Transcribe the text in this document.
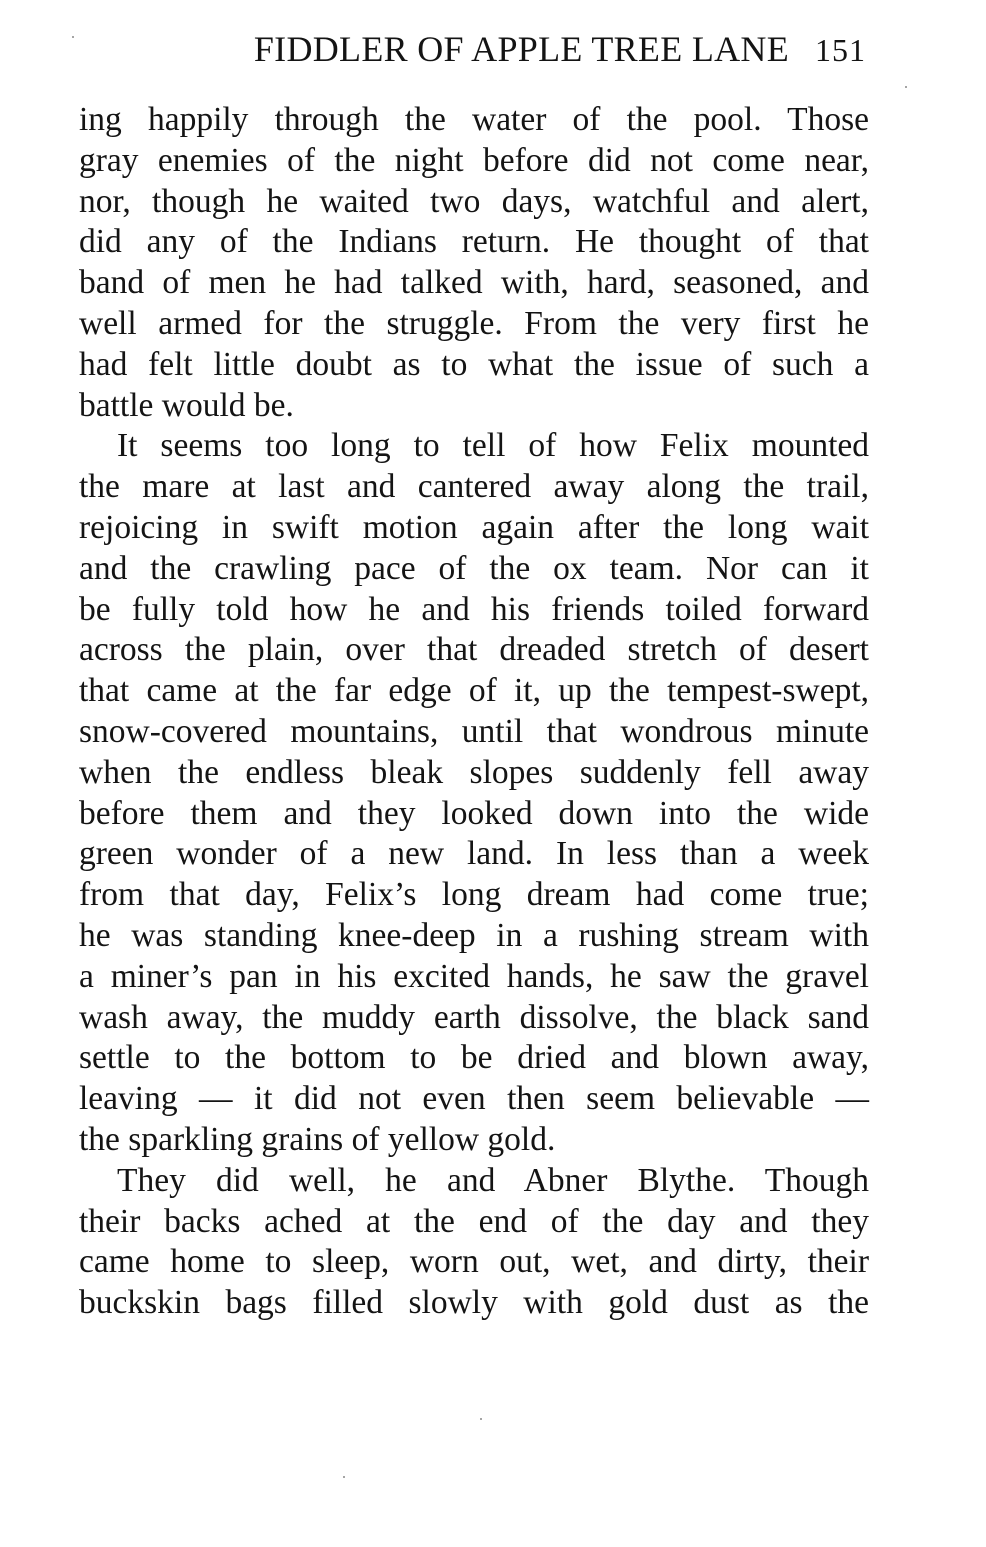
FIDDLER OF APPLE TREE LANE 151
ing happily through the water of the pool. Those
gray enemies of the night before did not come near,
nor, though he waited two days, watchful and alert,
did any of the Indians return. He thought of that
band of men he had talked with, hard, seasoned, and
well armed for the struggle. From the very first he
had felt little doubt as to what the issue of such a
battle would be.
It seems too long to tell of how Felix mounted
the mare at last and cantered away along the trail,
rejoicing in swift motion again after the long wait
and the crawling pace of the ox team. Nor can it
be fully told how he and his friends toiled forward
across the plain, over that dreaded stretch of desert
that came at the far edge of it, up the tempest-swept,
snow-covered mountains, until that wondrous minute
when the endless bleak slopes suddenly fell away
before them and they looked down into the wide
green wonder of a new land. In less than a week
from that day, Felix’s long dream had come true;
he was standing knee-deep in a rushing stream with
a miner’s pan in his excited hands, he saw the gravel
wash away, the muddy earth dissolve, the black sand
settle to the bottom to be dried and blown away,
leaving — it did not even then seem believable —
the sparkling grains of yellow gold.
They did well, he and Abner Blythe. Though
their backs ached at the end of the day and they
came home to sleep, worn out, wet, and dirty, their
buckskin bags filled slowly with gold dust as the
